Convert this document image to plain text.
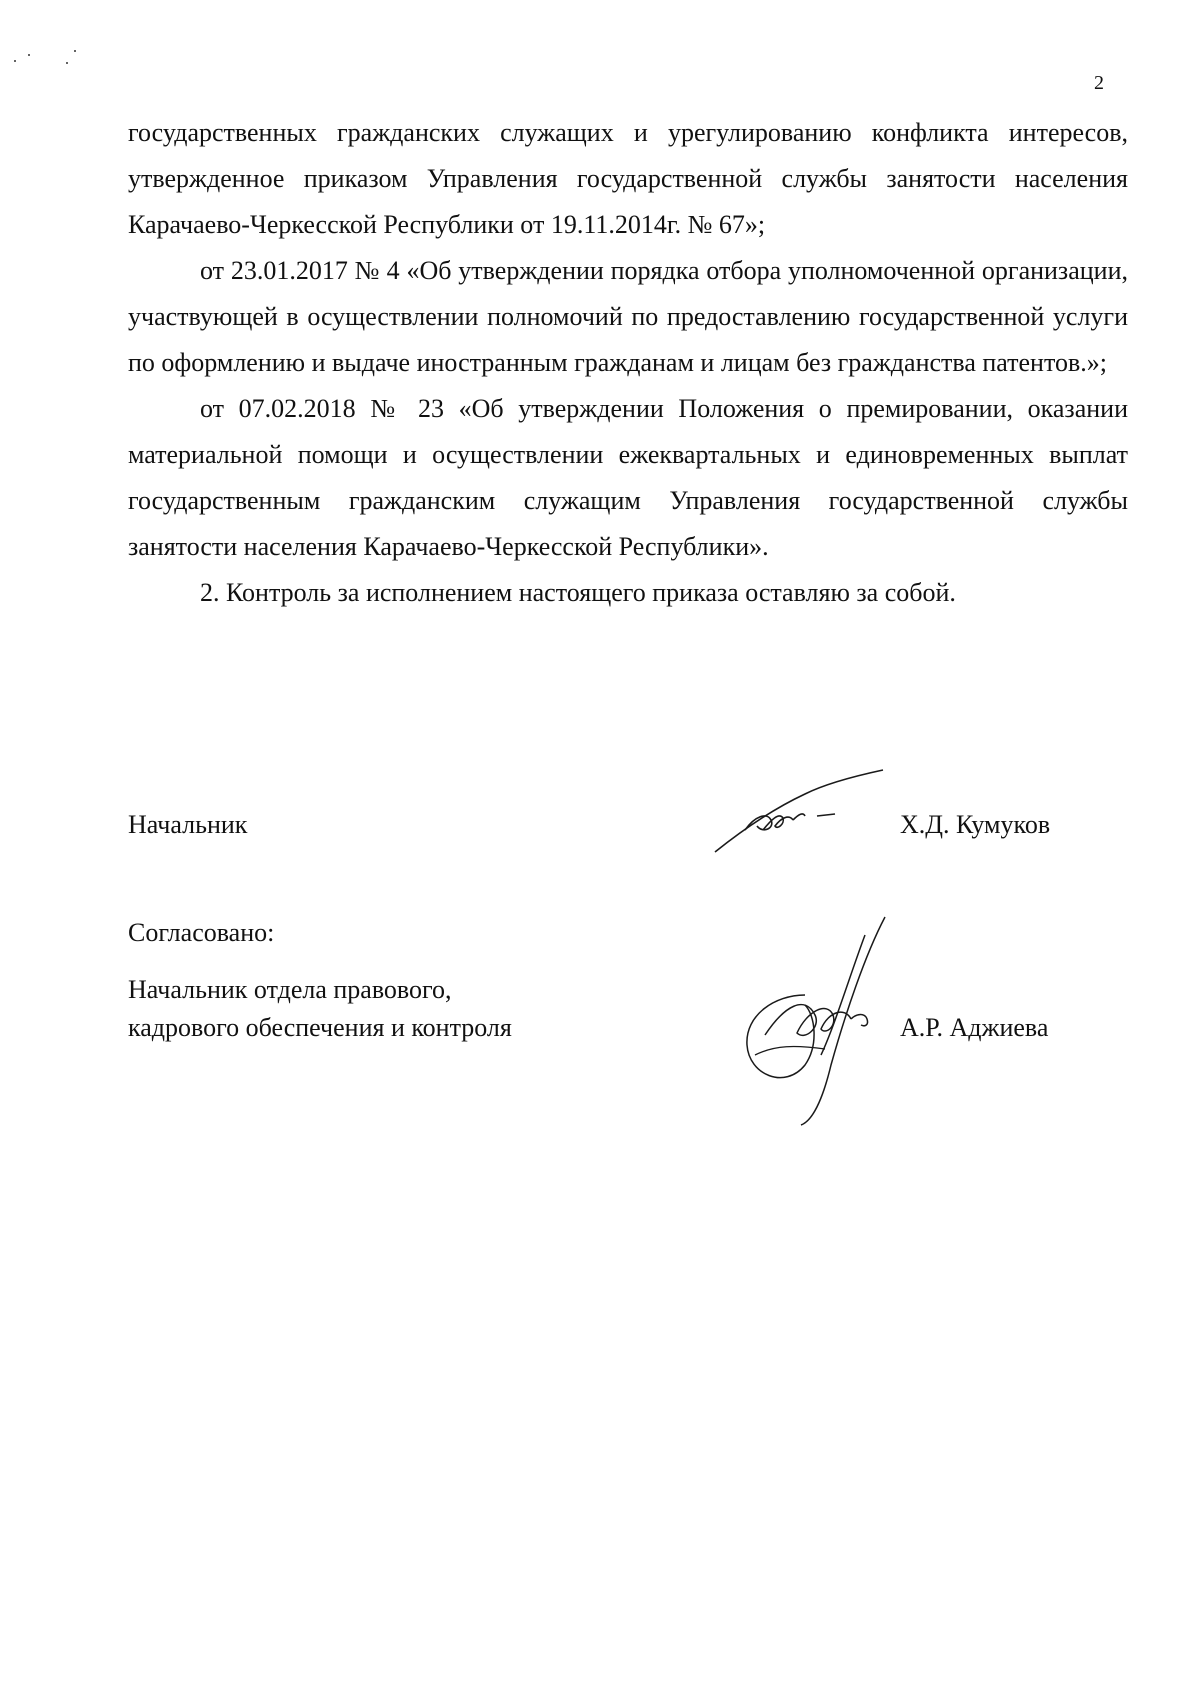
2

государственных гражданских служащих и урегулированию конфликта интересов, утвержденное приказом Управления государственной службы занятости населения Карачаево-Черкесской Республики от 19.11.2014г. № 67»;

от 23.01.2017 № 4 «Об утверждении порядка отбора уполномоченной организации, участвующей в осуществлении полномочий по предоставлению государственной услуги по оформлению и выдаче иностранным гражданам и лицам без гражданства патентов.»;

от 07.02.2018 № 23 «Об утверждении Положения о премировании, оказании материальной помощи и осуществлении ежеквартальных и единовременных выплат государственным гражданским служащим Управления государственной службы занятости населения Карачаево-Черкесской Республики».

2. Контроль за исполнением настоящего приказа оставляю за собой.

Начальник	Х.Д. Кумуков
Согласовано:
Начальник отдела правового,
кадрового обеспечения и контроля	А.Р. Аджиева
